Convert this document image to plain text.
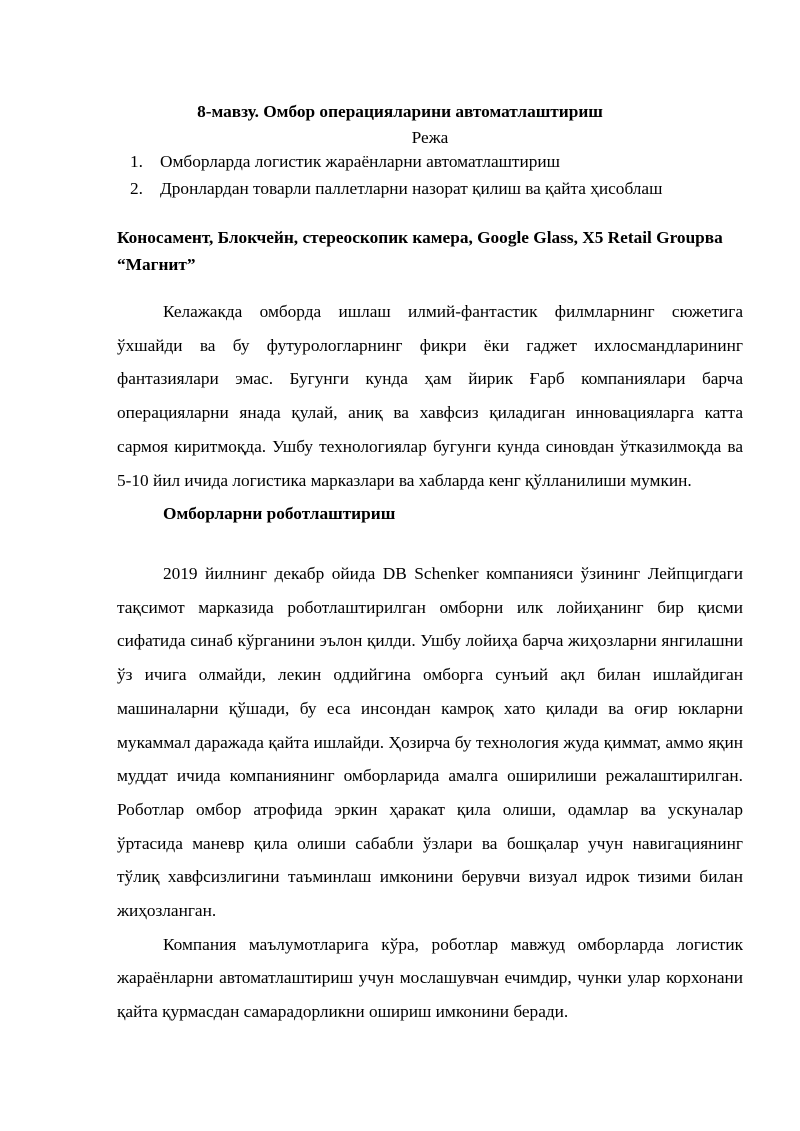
8-мавзу. Омбор операцияларини автоматлаштириш
Режа
1. Омборларда логистик жараёнларни автоматлаштириш
2. Дронлардан товарли паллетларни назорат қилиш ва қайта ҳисоблаш
Коносамент, Блокчейн, стереоскопик камера, Google Glass, X5 Retail Groupва “Магнит”

Келажакда омборда ишлаш илмий-фантастик филмларнинг сюжетига ўхшайди ва бу футурологларнинг фикри ёки гаджет ихлосмандларининг фантазиялари эмас. Бугунги кунда ҳам йирик Ғарб компаниялари барча операцияларни янада қулай, аниқ ва хавфсиз қиладиган инновацияларга катта сармоя киритмоқда. Ушбу технологиялар бугунги кунда синовдан ўтказилмоқда ва 5-10 йил ичида логистика марказлари ва хабларда кенг қўлланилиши мумкин.

Омборларни роботлаштириш

2019 йилнинг декабр ойида DB Schenker компанияси ўзининг Лейпцигдаги тақсимот марказида роботлаштирилган омборни илк лойиҳанинг бир қисми сифатида синаб кўрганини эълон қилди. Ушбу лойиҳа барча жиҳозларни янгилашни ўз ичига олмайди, лекин оддийгина омборга сунъий ақл билан ишлайдиган машиналарни қўшади, бу еса инсондан камроқ хато қилади ва оғир юкларни мукаммал даражада қайта ишлайди. Ҳозирча бу технология жуда қиммат, аммо яқин муддат ичида компаниянинг омборларида амалга оширилиши режалаштирилган. Роботлар омбор атрофида эркин ҳаракат қила олиши, одамлар ва ускуналар ўртасида маневр қила олиши сабабли ўзлари ва бошқалар учун навигациянинг тўлиқ хавфсизлигини таъминлаш имконини берувчи визуал идрок тизими билан жиҳозланган.

Компания маълумотларига кўра, роботлар мавжуд омборларда логистик жараёнларни автоматлаштириш учун мослашувчан ечимдир, чунки улар корхонани қайта қурмасдан самарадорликни ошириш имконини беради.
